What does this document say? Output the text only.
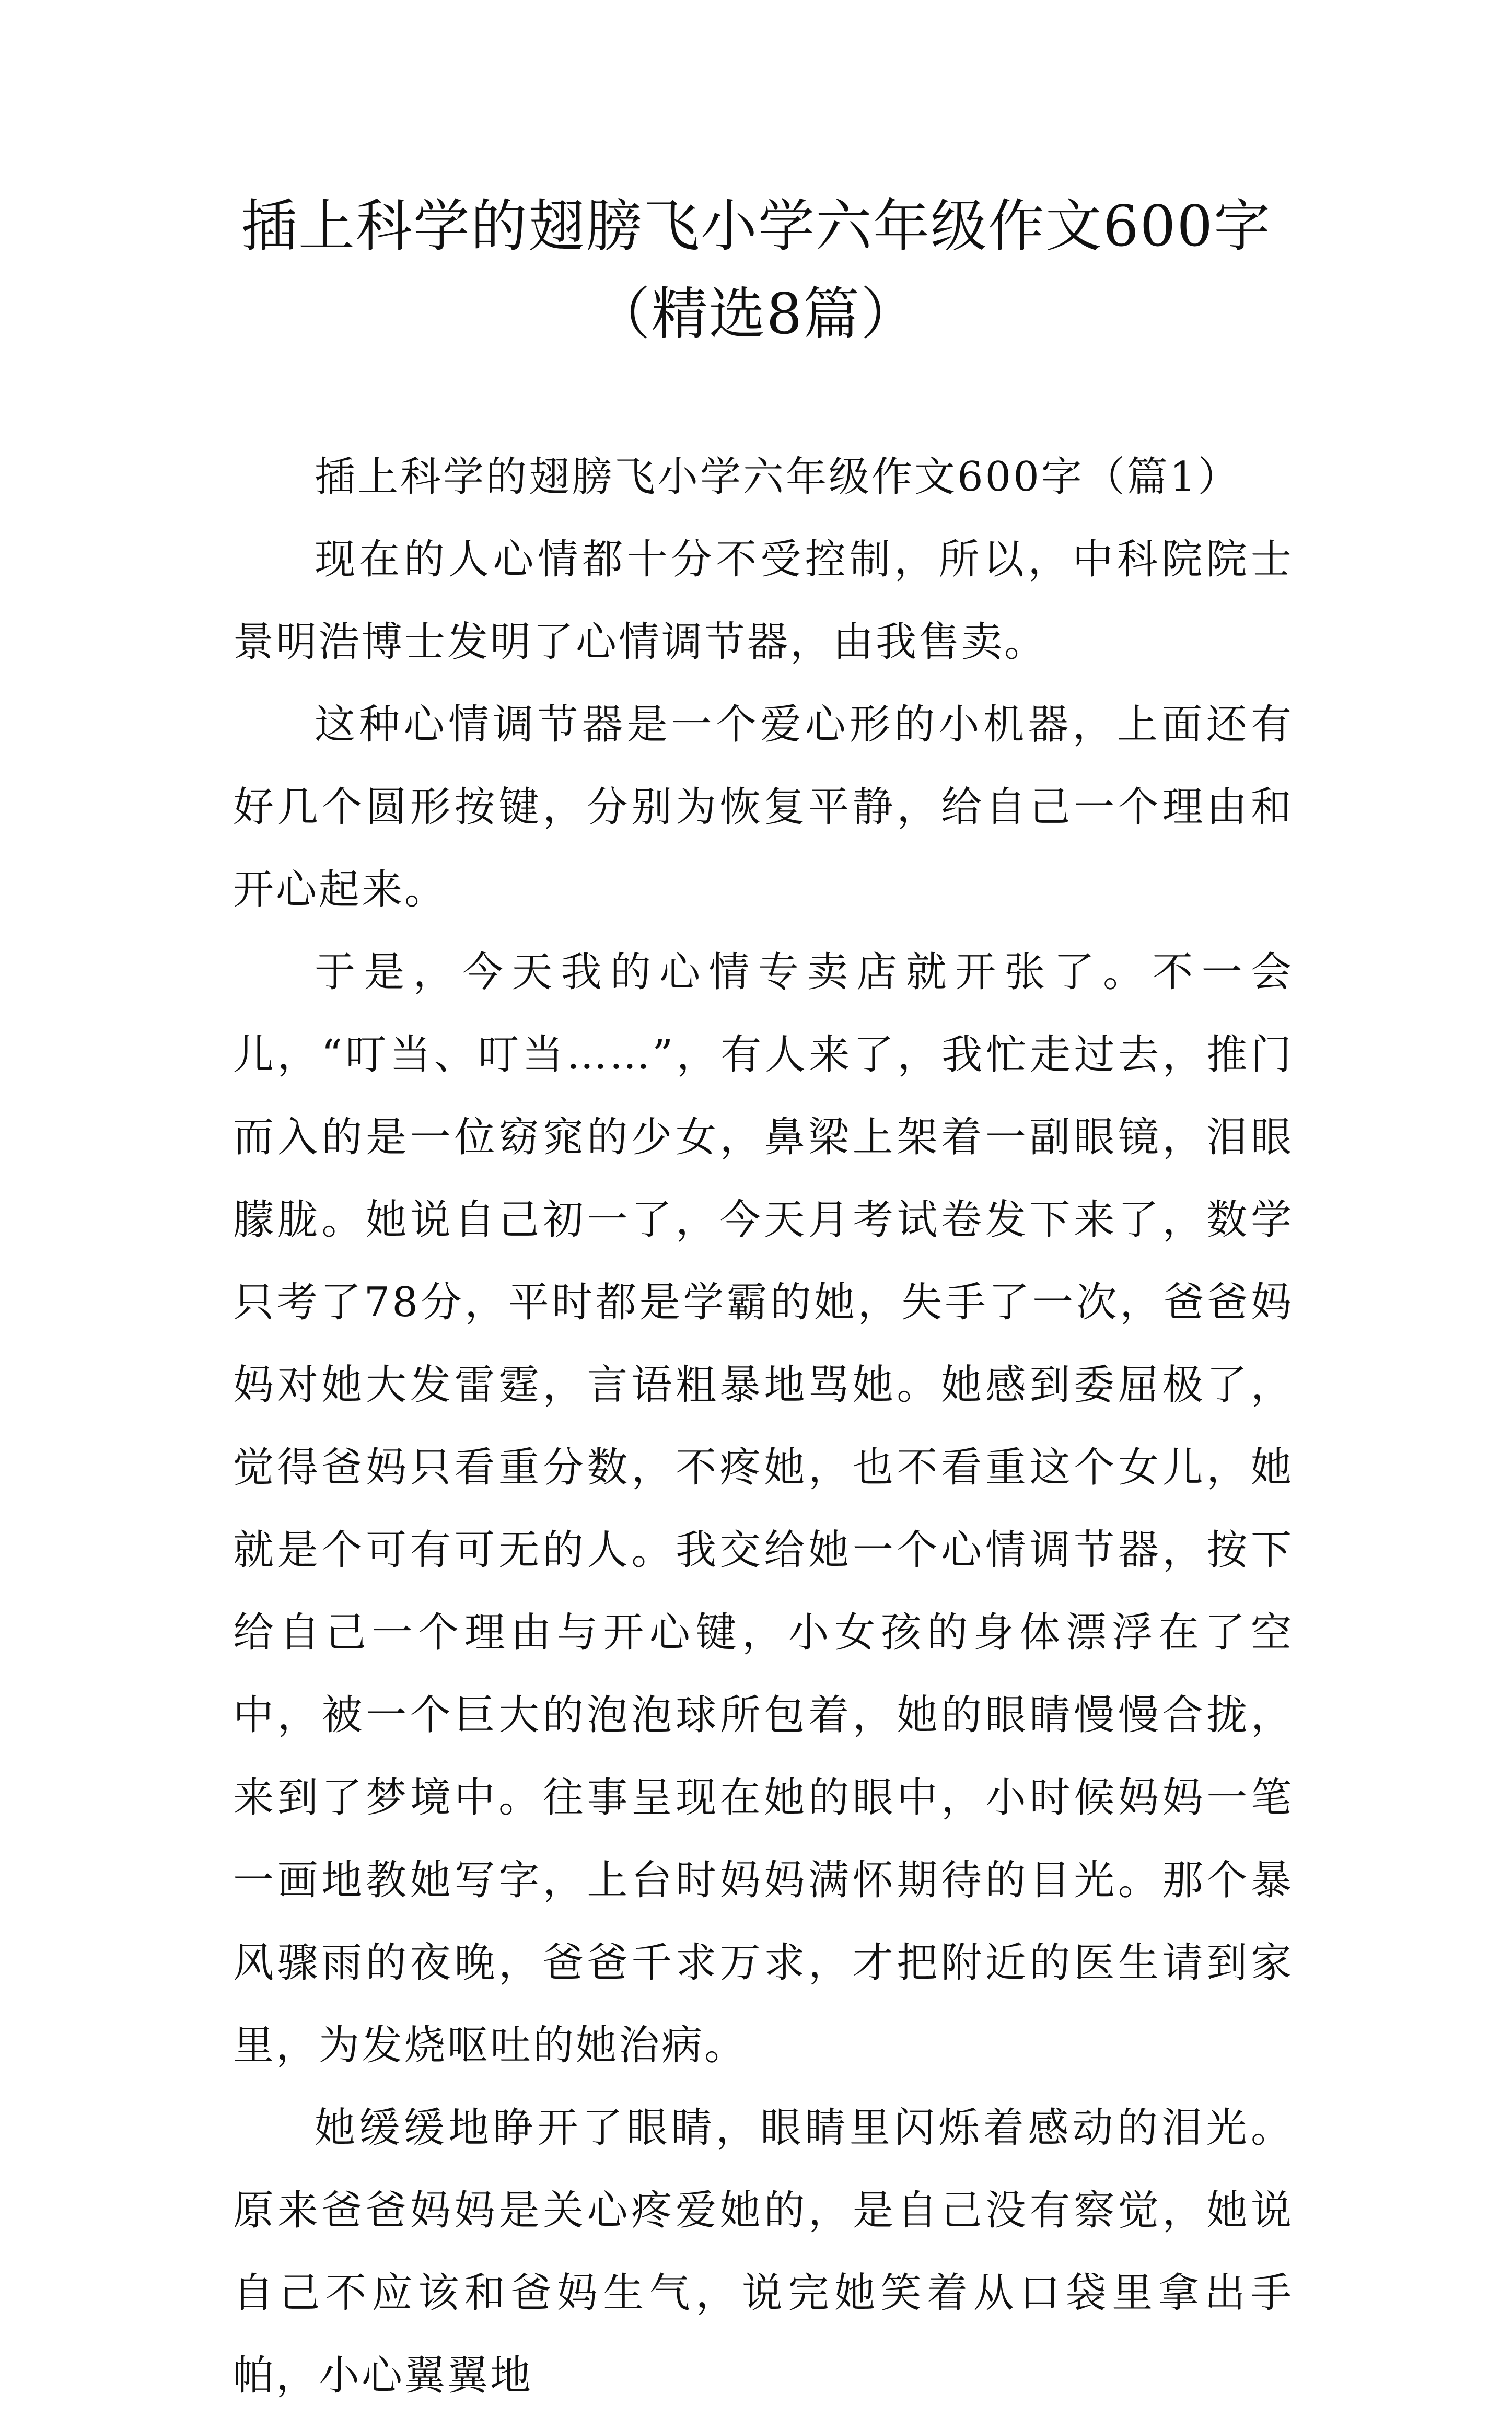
插上科学的翅膀飞小学六年级作文600字
（精选8篇）

插上科学的翅膀飞小学六年级作文600字（篇1）

现在的人心情都十分不受控制，所以，中科院院士景明浩博士发明了心情调节器，由我售卖。

这种心情调节器是一个爱心形的小机器，上面还有好几个圆形按键，分别为恢复平静，给自己一个理由和开心起来。

于是，今天我的心情专卖店就开张了。不一会儿，“叮当、叮当……”，有人来了，我忙走过去，推门而入的是一位窈窕的少女，鼻梁上架着一副眼镜，泪眼朦胧。她说自己初一了，今天月考试卷发下来了，数学只考了78分，平时都是学霸的她，失手了一次，爸爸妈妈对她大发雷霆，言语粗暴地骂她。她感到委屈极了，觉得爸妈只看重分数，不疼她，也不看重这个女儿，她就是个可有可无的人。我交给她一个心情调节器，按下给自己一个理由与开心键，小女孩的身体漂浮在了空中，被一个巨大的泡泡球所包着，她的眼睛慢慢合拢，来到了梦境中。往事呈现在她的眼中，小时候妈妈一笔一画地教她写字，上台时妈妈满怀期待的目光。那个暴风骤雨的夜晚，爸爸千求万求，才把附近的医生请到家里，为发烧呕吐的她治病。

她缓缓地睁开了眼睛，眼睛里闪烁着感动的泪光。原来爸爸妈妈是关心疼爱她的，是自己没有察觉，她说自己不应该和爸妈生气，说完她笑着从口袋里拿出手帕，小心翼翼地
